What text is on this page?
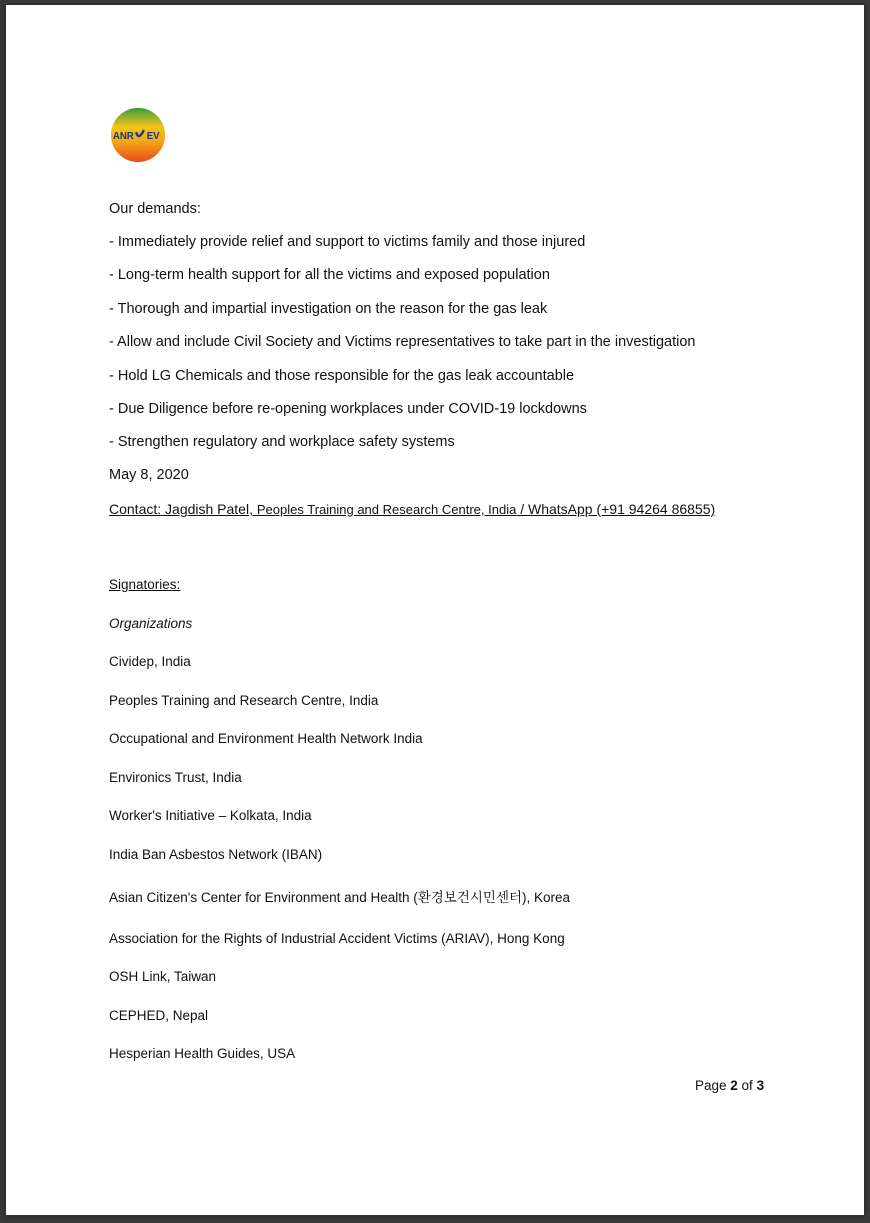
ANR EV
Our demands:
- Immediately provide relief and support to victims family and those injured
- Long-term health support for all the victims and exposed population
- Thorough and impartial investigation on the reason for the gas leak
- Allow and include Civil Society and Victims representatives to take part in the investigation
- Hold LG Chemicals and those responsible for the gas leak accountable
- Due Diligence before re-opening workplaces under COVID-19 lockdowns
- Strengthen regulatory and workplace safety systems
May 8, 2020
Contact: Jagdish Patel, Peoples Training and Research Centre, India / WhatsApp (+91 94264 86855)
Signatories:
Organizations
Cividep, India
Peoples Training and Research Centre, India
Occupational and Environment Health Network India
Environics Trust, India
Worker's Initiative – Kolkata, India
India Ban Asbestos Network (IBAN)
Asian Citizen's Center for Environment and Health (환경보건시민센터), Korea
Association for the Rights of Industrial Accident Victims (ARIAV), Hong Kong
OSH Link, Taiwan
CEPHED, Nepal
Hesperian Health Guides, USA
Page 2 of 3
